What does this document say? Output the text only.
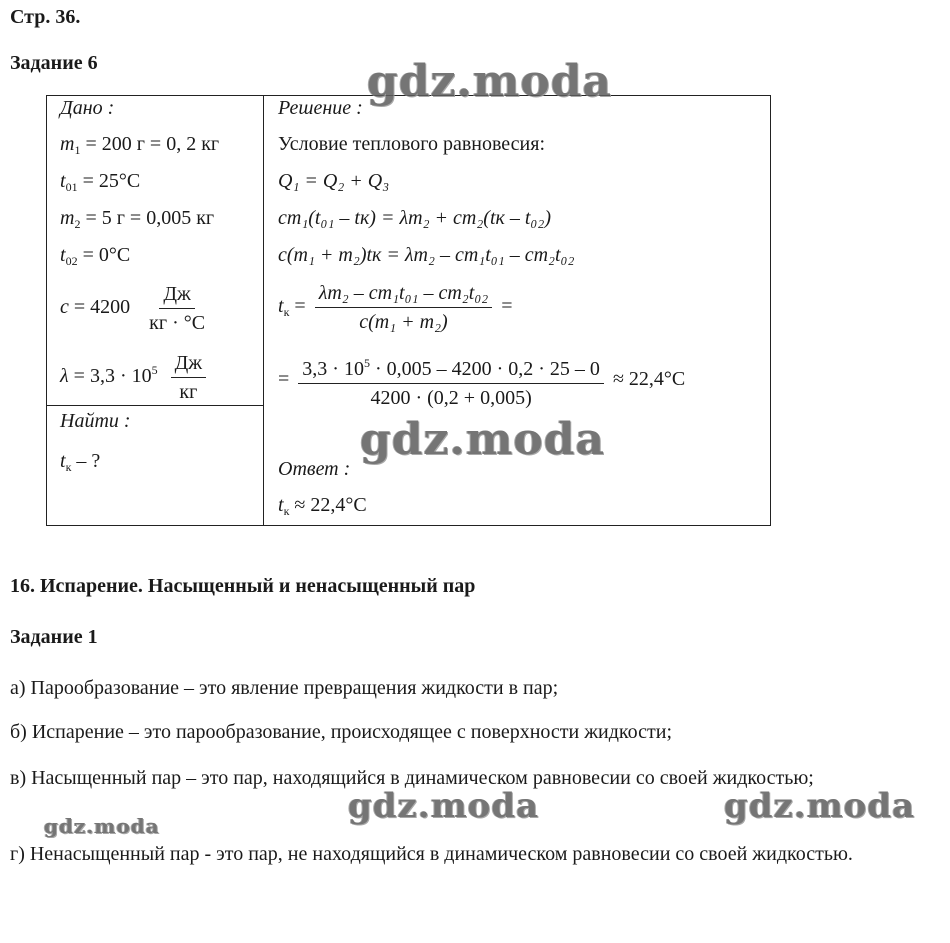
Стр. 36.
Задание 6
Дано :
$m_1 = 200$ г = 0, 2 кг
$t_{01} = 25^\circ С$
$m_2 = 5$ г = 0,005 кг
$t_{02} = 0^\circ С$
$c = 4200 \frac{Дж}{кг \cdot ^\circ С}$
$\lambda = 3,3 \cdot 10^5 \frac{Дж}{кг}$
Найти :
$t_к$ – ?
Решение :
Условие теплового равновесия:
Q₁ = Q₂ + Q₃
cm₁(t₀₁ – tк) = λm₂ + cm₂(tк – t₀₂)
c(m₁ + m₂)tк = λm₂ – cm₁t₀₁ – cm₂t₀₂
$t_к = \frac{\text{λm₂ – cm₁t₀₁ – cm₂t₀₂}}{\text{c(m₁ + m₂)}}$ =
= $\frac{3,3 \cdot 10^5 \cdot 0,005 - 4200 \cdot 0,2 \cdot 25 - 0}{4200 \cdot (0,2 + 0,005)} \approx 22,4^\circ С$
Ответ :
$t_к \approx 22,4^\circ С$
16. Испарение. Насыщенный и ненасыщенный пар
Задание 1
а) Парообразование – это явление превращения жидкости в пар;
б) Испарение – это парообразование, происходящее с поверхности жидкости;
в) Насыщенный пар – это пар, находящийся в динамическом равновесии со своей жидкостью;
г) Ненасыщенный пар - это пар, не находящийся в динамическом равновесии со своей жидкостью.
gdz.moda
gdz.moda
gdz.moda	gdz.moda
gdz.moda
